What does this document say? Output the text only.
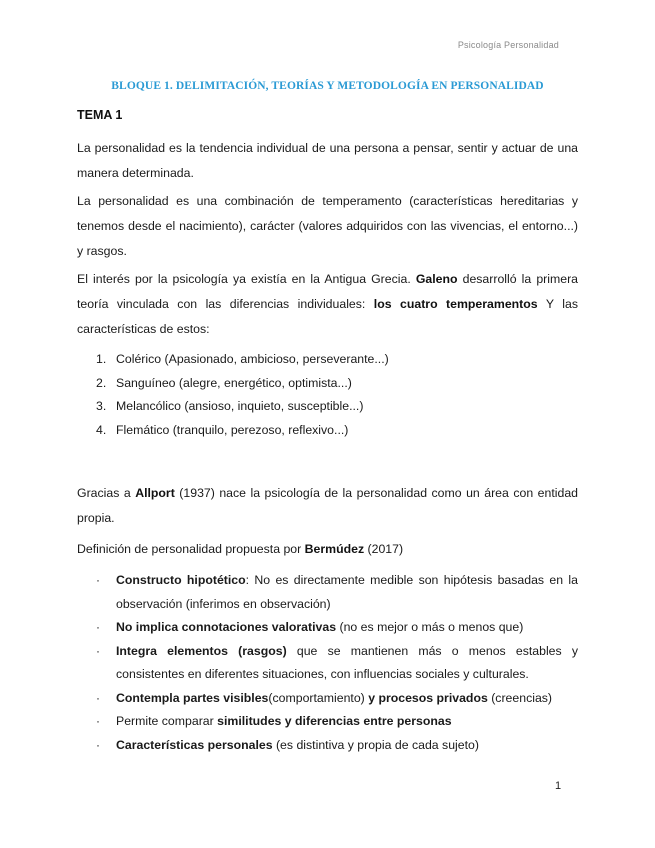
Psicología Personalidad
BLOQUE 1. DELIMITACIÓN, TEORÍAS Y METODOLOGÍA EN PERSONALIDAD
TEMA 1

La personalidad es la tendencia individual de una persona a pensar, sentir y actuar de una manera determinada.

La personalidad es una combinación de temperamento (características hereditarias y tenemos desde el nacimiento), carácter (valores adquiridos con las vivencias, el entorno...) y rasgos.

El interés por la psicología ya existía en la Antigua Grecia. Galeno desarrolló la primera teoría vinculada con las diferencias individuales: los cuatro temperamentos Y las características de estos:

1. Colérico (Apasionado, ambicioso, perseverante...)
2. Sanguíneo (alegre, energético, optimista...)
3. Melancólico (ansioso, inquieto, susceptible...)
4. Flemático (tranquilo, perezoso, reflexivo...)

Gracias a Allport (1937) nace la psicología de la personalidad como un área con entidad propia.

Definición de personalidad propuesta por Bermúdez (2017)

· Constructo hipotético: No es directamente medible son hipótesis basadas en la observación (inferimos en observación)
· No implica connotaciones valorativas (no es mejor o más o menos que)
· Integra elementos (rasgos) que se mantienen más o menos estables y consistentes en diferentes situaciones, con influencias sociales y culturales.
· Contempla partes visibles(comportamiento) y procesos privados (creencias)
· Permite comparar similitudes y diferencias entre personas
· Características personales (es distintiva y propia de cada sujeto)
1
